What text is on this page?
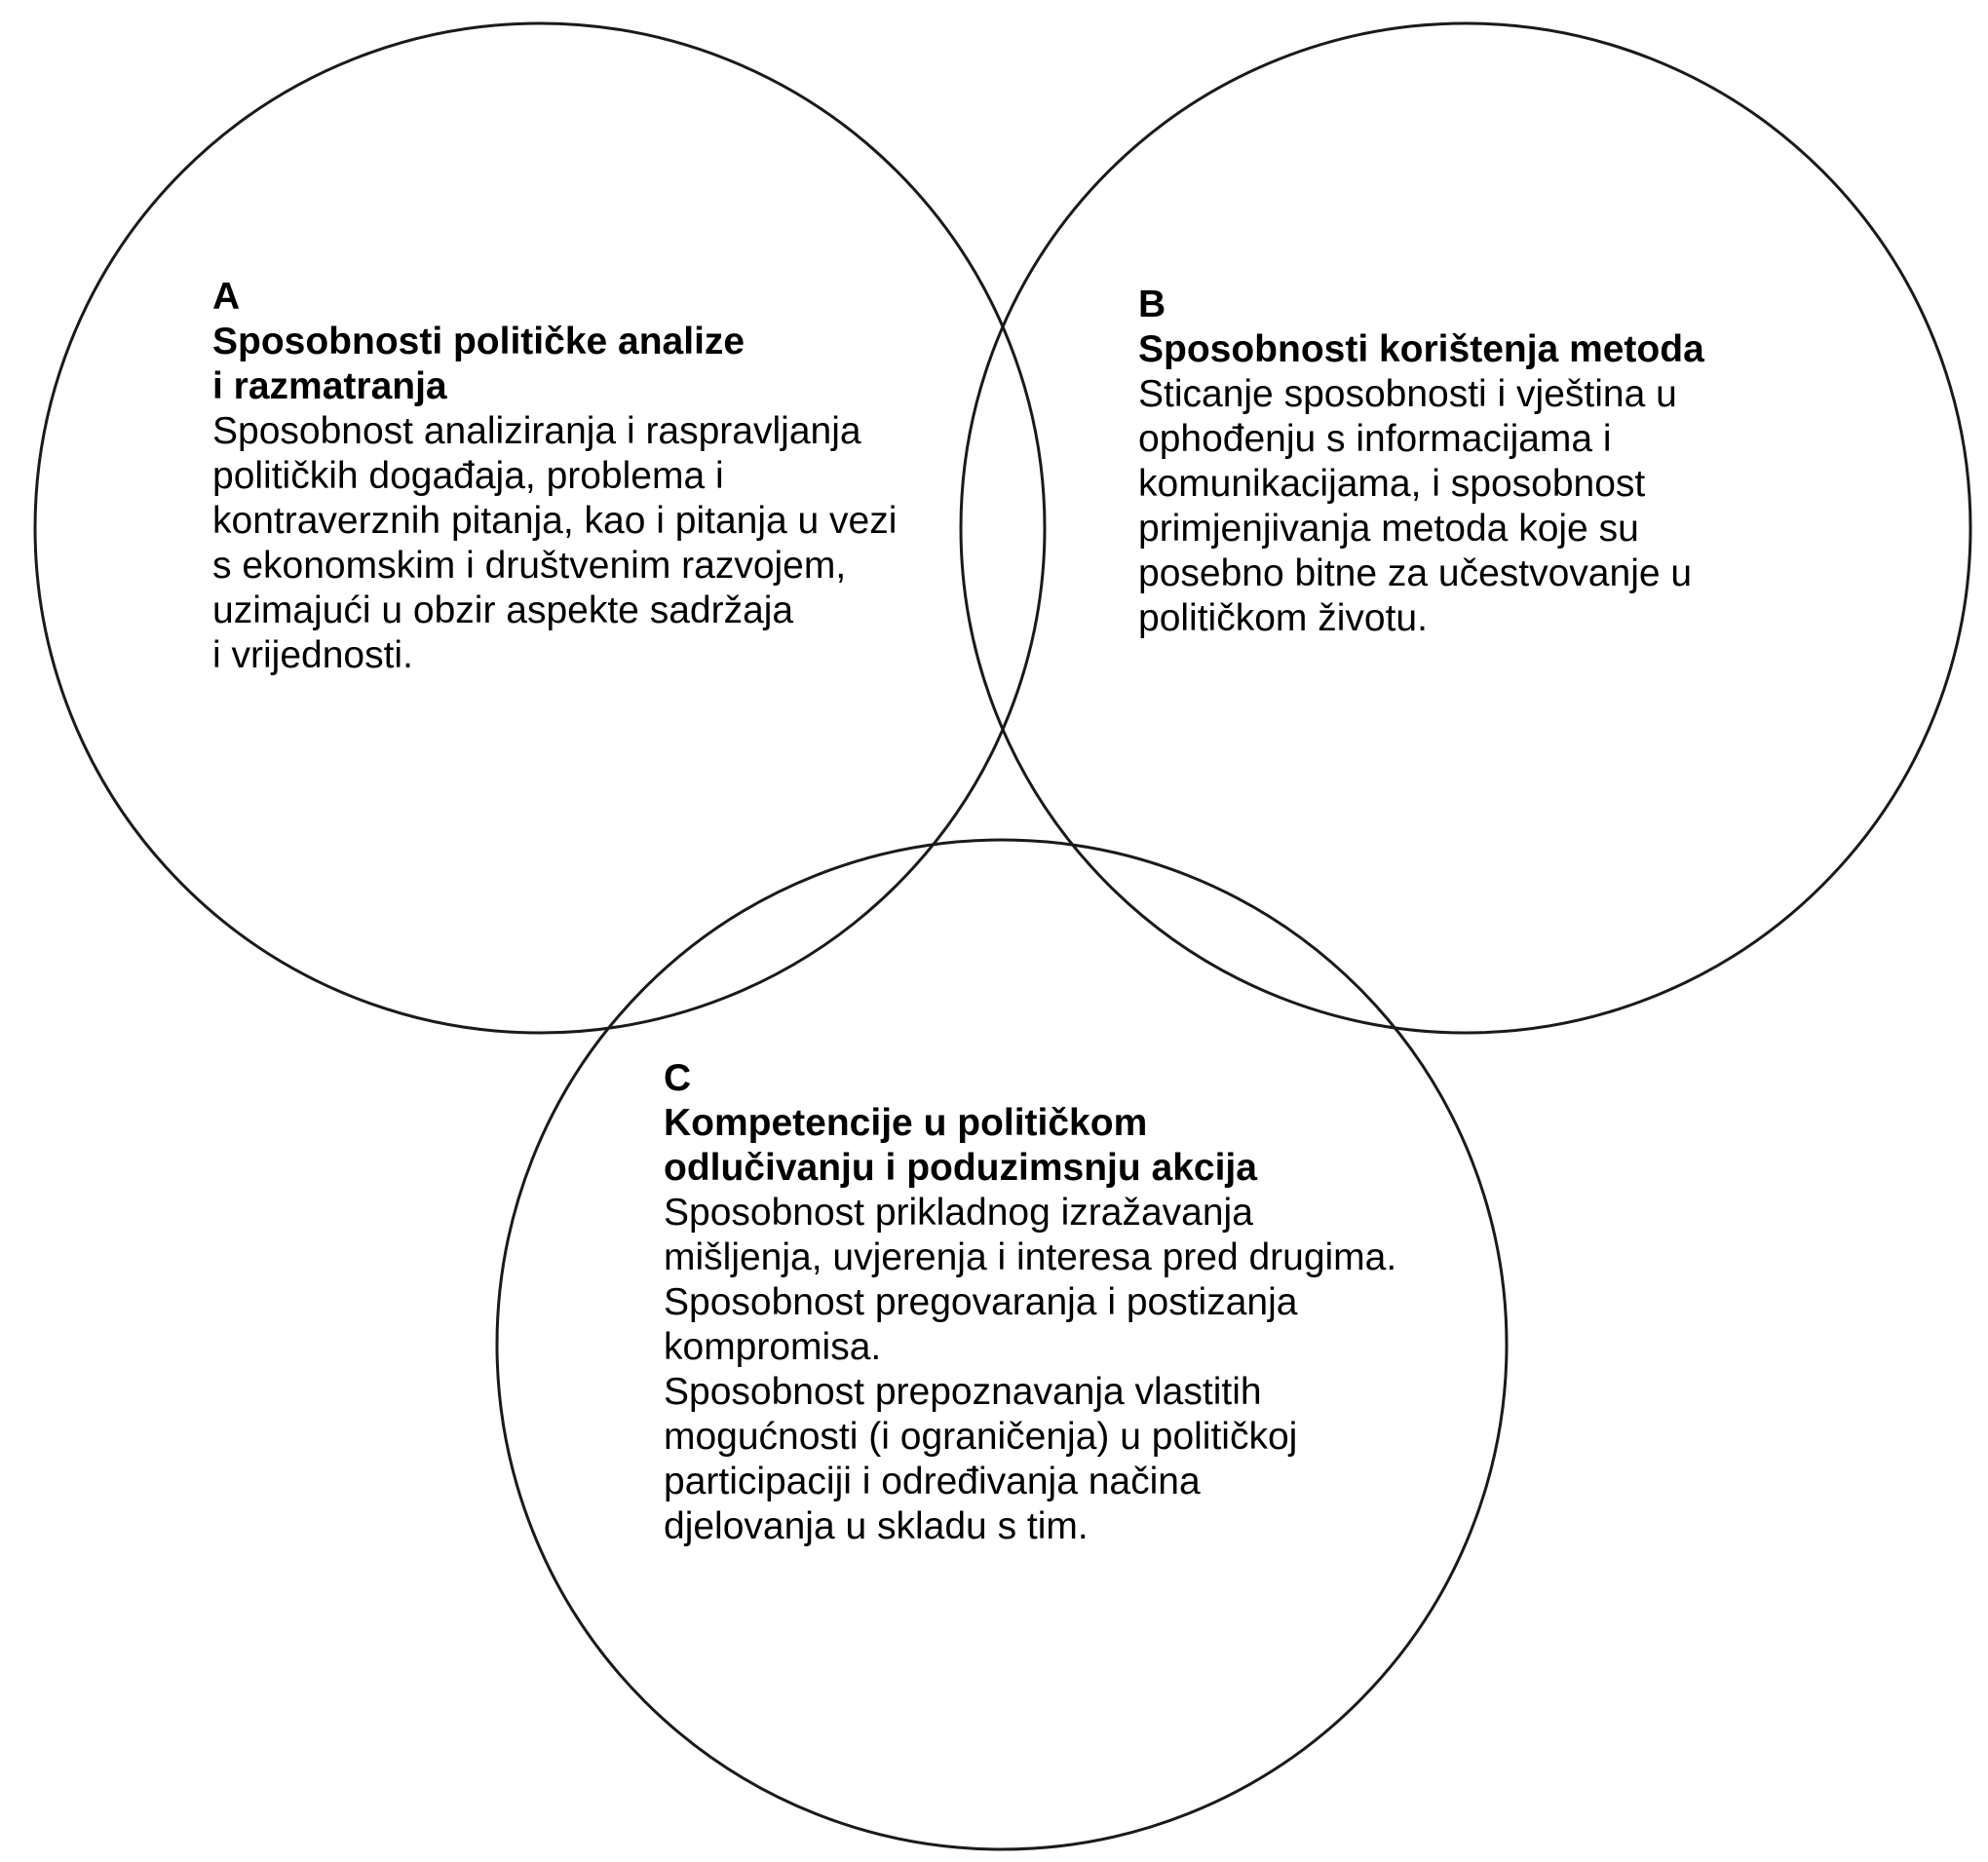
A
Sposobnosti političke analize
i razmatranja
Sposobnost analiziranja i raspravljanja
političkih događaja, problema i
kontraverznih pitanja, kao i pitanja u vezi
s ekonomskim i društvenim razvojem,
uzimajući u obzir aspekte sadržaja
i vrijednosti.
B
Sposobnosti korištenja metoda
Sticanje sposobnosti i vještina u
ophođenju s informacijama i
komunikacijama, i sposobnost
primjenjivanja metoda koje su
posebno bitne za učestvovanje u
političkom životu.
C
Kompetencije u političkom
odlučivanju i poduzimsnju akcija
Sposobnost prikladnog izražavanja
mišljenja, uvjerenja i interesa pred drugima.
Sposobnost pregovaranja i postizanja
kompromisa.
Sposobnost prepoznavanja vlastitih
mogućnosti (i ograničenja) u političkoj
participaciji i određivanja načina
djelovanja u skladu s tim.
